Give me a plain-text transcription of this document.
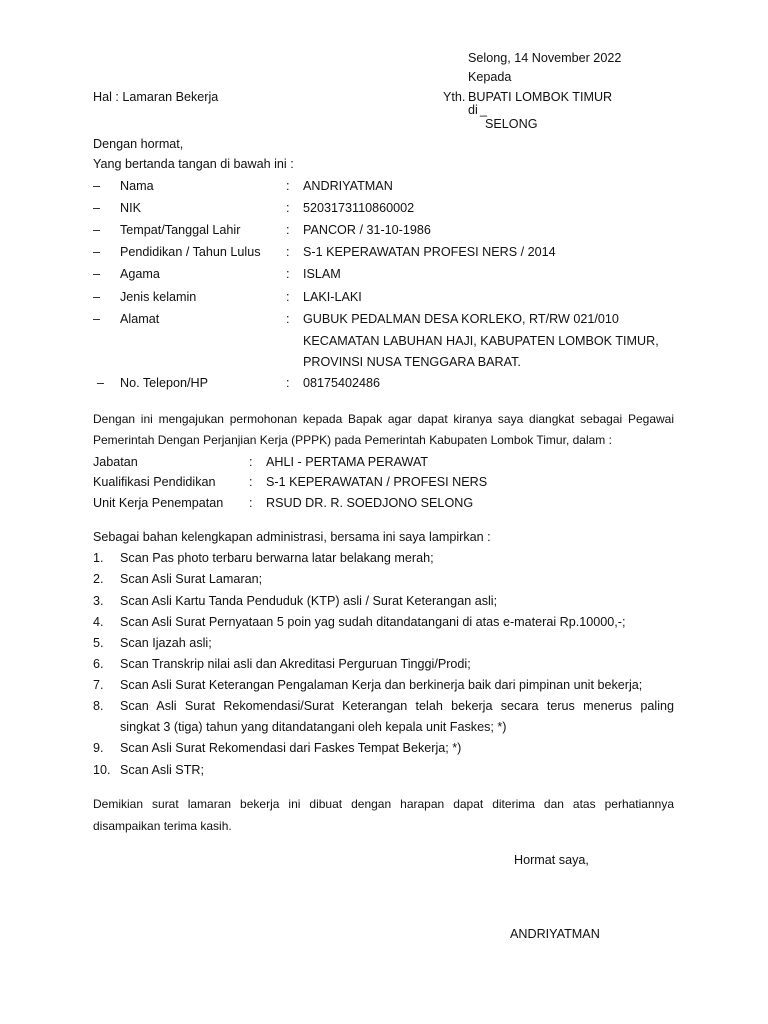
Selong, 14 November 2022
Kepada
Hal : Lamaran Bekerja	Yth. BUPATI LOMBOK TIMUR
di _
SELONG
Dengan hormat,
Yang bertanda tangan di bawah ini :
– Nama	: ANDRIYATMAN
– NIK	: 5203173110860002
– Tempat/Tanggal Lahir	: PANCOR / 31-10-1986
– Pendidikan / Tahun Lulus : S-1 KEPERAWATAN PROFESI NERS / 2014
– Agama	: ISLAM
– Jenis kelamin	: LAKI-LAKI
– Alamat	: GUBUK PEDALMAN DESA KORLEKO, RT/RW 021/010
KECAMATAN LABUHAN HAJI, KABUPATEN LOMBOK TIMUR,
PROVINSI NUSA TENGGARA BARAT.
– No. Telepon/HP	: 08175402486
Dengan ini mengajukan permohonan kepada Bapak agar dapat kiranya saya diangkat sebagai Pegawai
Pemerintah Dengan Perjanjian Kerja (PPPK) pada Pemerintah Kabupaten Lombok Timur, dalam :
Jabatan	: AHLI - PERTAMA PERAWAT
Kualifikasi Pendidikan	: S-1 KEPERAWATAN / PROFESI NERS
Unit Kerja Penempatan : RSUD DR. R. SOEDJONO SELONG
Sebagai bahan kelengkapan administrasi, bersama ini saya lampirkan :
1. Scan Pas photo terbaru berwarna latar belakang merah;
2. Scan Asli Surat Lamaran;
3. Scan Asli Kartu Tanda Penduduk (KTP) asli / Surat Keterangan asli;
4. Scan Asli Surat Pernyataan 5 poin yag sudah ditandatangani di atas e-materai Rp.10000,-;
5. Scan Ijazah asli;
6. Scan Transkrip nilai asli dan Akreditasi Perguruan Tinggi/Prodi;
7. Scan Asli Surat Keterangan Pengalaman Kerja dan berkinerja baik dari pimpinan unit bekerja;
8. Scan Asli Surat Rekomendasi/Surat Keterangan telah bekerja secara terus menerus paling
singkat 3 (tiga) tahun yang ditandatangani oleh kepala unit Faskes; *)
9. Scan Asli Surat Rekomendasi dari Faskes Tempat Bekerja; *)
10. Scan Asli STR;
Demikian surat lamaran bekerja ini dibuat dengan harapan dapat diterima dan atas perhatiannya
disampaikan terima kasih.
Hormat saya,
ANDRIYATMAN
